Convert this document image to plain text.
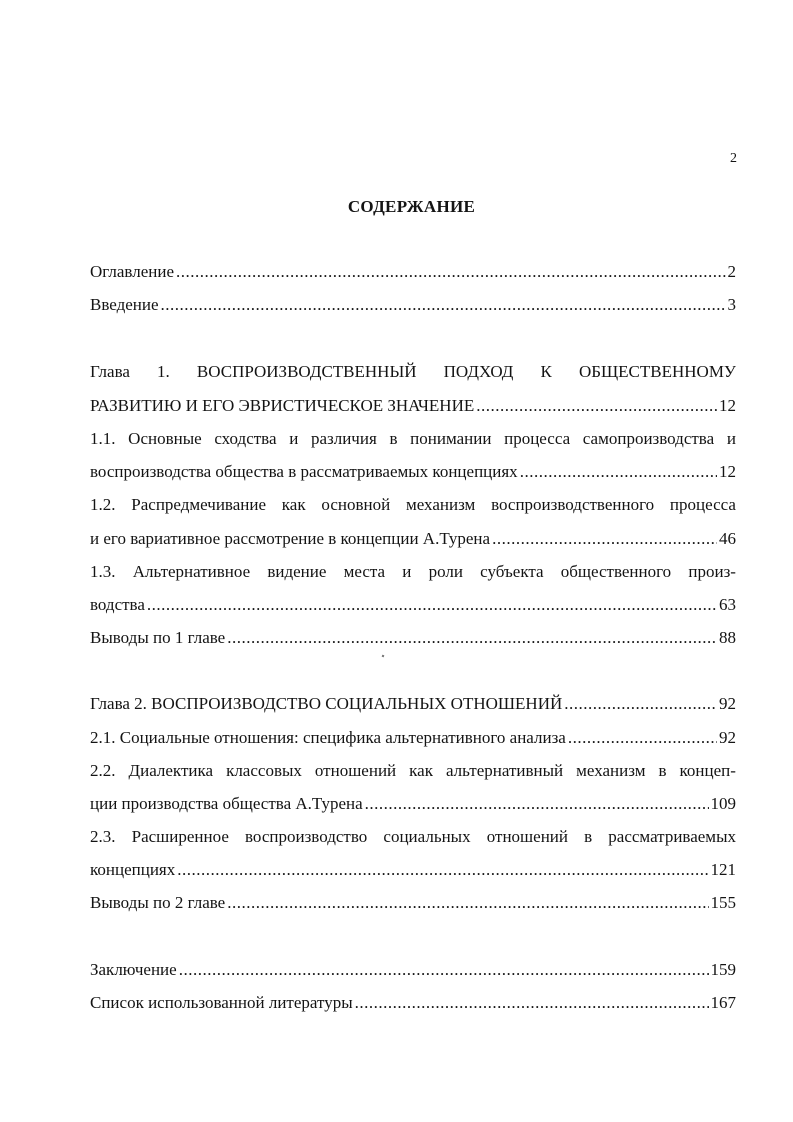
2
СОДЕРЖАНИЕ
Оглавление .....	2
Введение .....	3
Глава 1. ВОСПРОИЗВОДСТВЕННЫЙ ПОДХОД К ОБЩЕСТВЕННОМУ
РАЗВИТИЮ И ЕГО ЭВРИСТИЧЕСКОЕ ЗНАЧЕНИЕ .....	12
1.1. Основные сходства и различия в понимании процесса самопроизводства и
воспроизводства общества в рассматриваемых концепциях .....	12
1.2. Распредмечивание как основной механизм воспроизводственного процесса
и его вариативное рассмотрение в концепции А.Турена .....	46
1.3. Альтернативное видение места и роли субъекта общественного произ-
водства .....	63
Выводы по 1 главе .....	88
Глава 2. ВОСПРОИЗВОДСТВО СОЦИАЛЬНЫХ ОТНОШЕНИЙ .....	92
2.1. Социальные отношения: специфика альтернативного анализа .....	92
2.2. Диалектика классовых отношений как альтернативный механизм в концеп-
ции производства общества А.Турена .....	109
2.3. Расширенное воспроизводство социальных отношений в рассматриваемых
концепциях .....	121
Выводы по 2 главе .....	155
Заключение .....	159
Список использованной литературы .....	167
